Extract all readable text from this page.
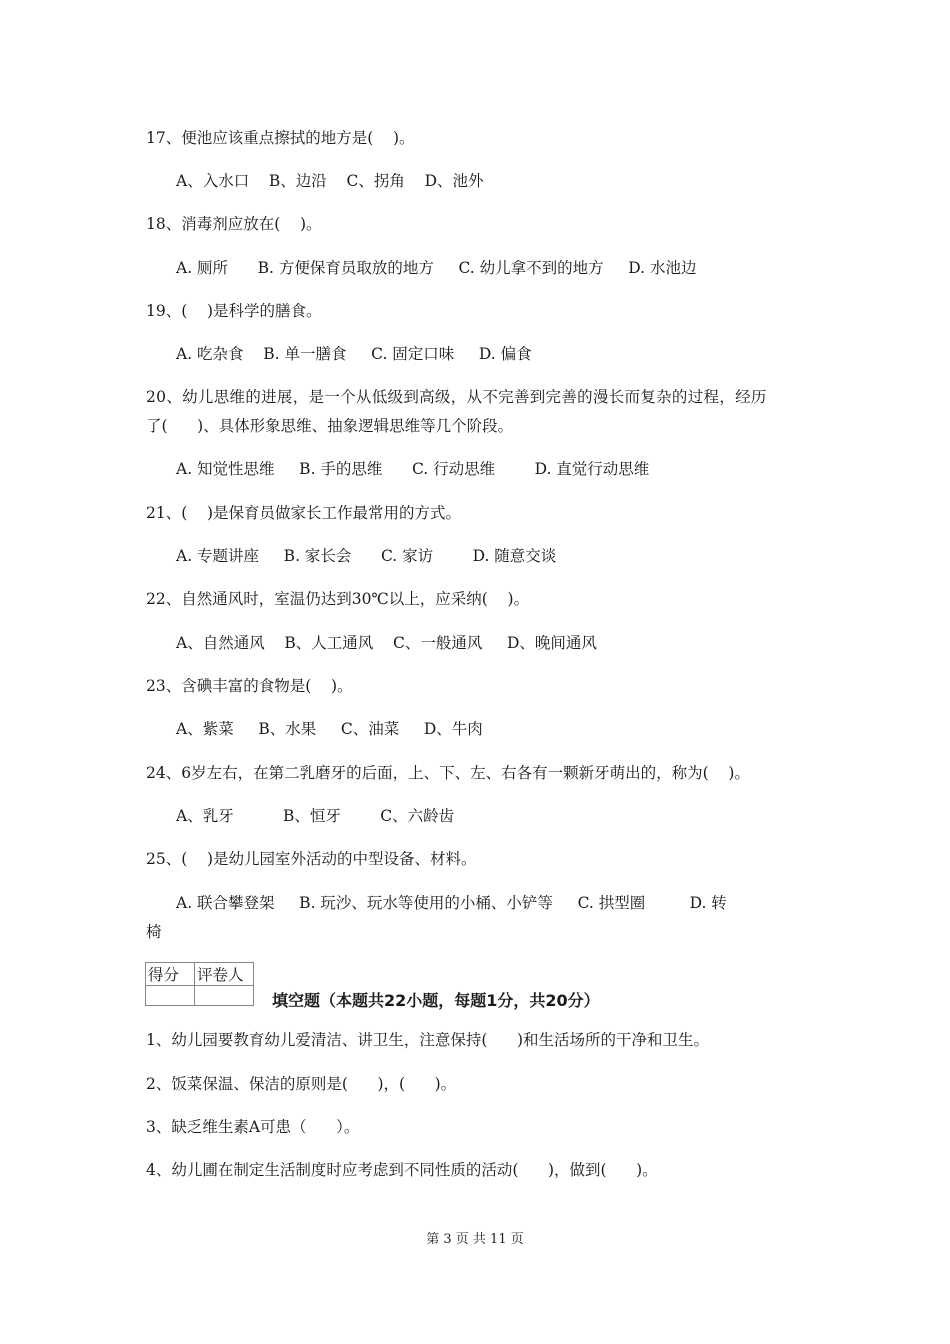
17、便池应该重点擦拭的地方是(    )。
A、入水口    B、边沿    C、拐角    D、池外
18、消毒剂应放在(    )。
A. 厕所      B. 方便保育员取放的地方     C. 幼儿拿不到的地方     D. 水池边
19、(    )是科学的膳食。
A. 吃杂食    B. 单一膳食     C. 固定口味     D. 偏食
20、幼儿思维的进展，是一个从低级到高级，从不完善到完善的漫长而复杂的过程，经历
了(      )、具体形象思维、抽象逻辑思维等几个阶段。
A. 知觉性思维     B. 手的思维      C. 行动思维        D. 直觉行动思维
21、(    )是保育员做家长工作最常用的方式。
A. 专题讲座     B. 家长会      C. 家访        D. 随意交谈
22、自然通风时，室温仍达到30℃以上，应采纳(    )。
A、自然通风    B、人工通风    C、一般通风     D、晚间通风
23、含碘丰富的食物是(    )。
A、紫菜     B、水果     C、油菜     D、牛肉
24、6岁左右，在第二乳磨牙的后面，上、下、左、右各有一颗新牙萌出的，称为(    )。
A、乳牙          B、恒牙        C、六龄齿
25、(    )是幼儿园室外活动的中型设备、材料。
A. 联合攀登架     B. 玩沙、玩水等使用的小桶、小铲等     C. 拱型圈         D. 转
椅
得分	评卷人

填空题（本题共22小题，每题1分，共20分）
1、幼儿园要教育幼儿爱清洁、讲卫生，注意保持(      )和生活场所的干净和卫生。
2、饭菜保温、保洁的原则是(      )，(      )。
3、缺乏维生素A可患（      ）。
4、幼儿圃在制定生活制度时应考虑到不同性质的活动(      )，做到(      )。
第 3 页 共 11 页
